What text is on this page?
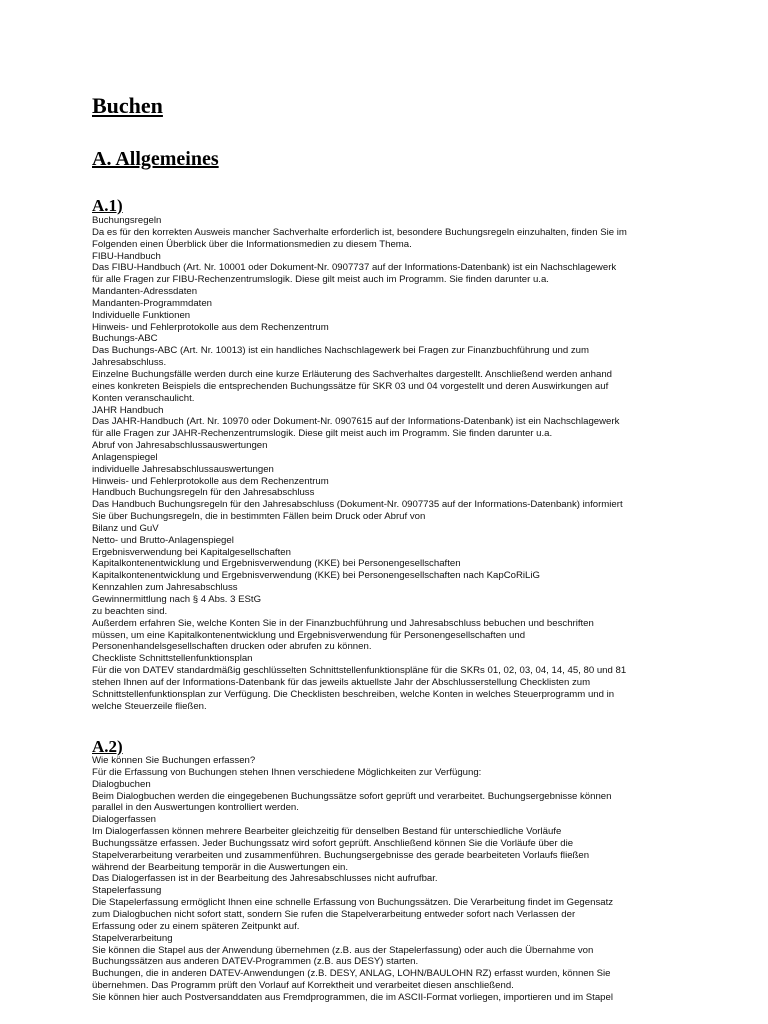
Buchen
A. Allgemeines
A.1)
Buchungsregeln
Da es für den korrekten Ausweis mancher Sachverhalte erforderlich ist, besondere Buchungsregeln einzuhalten, finden Sie im
Folgenden einen Überblick über die Informationsmedien zu diesem Thema.
FIBU-Handbuch
Das FIBU-Handbuch (Art. Nr. 10001 oder Dokument-Nr. 0907737 auf der Informations-Datenbank) ist ein Nachschlagewerk
für alle Fragen zur FIBU-Rechenzentrumslogik. Diese gilt meist auch im Programm. Sie finden darunter u.a.
Mandanten-Adressdaten
Mandanten-Programmdaten
Individuelle Funktionen
Hinweis- und Fehlerprotokolle aus dem Rechenzentrum
Buchungs-ABC
Das Buchungs-ABC (Art. Nr. 10013) ist ein handliches Nachschlagewerk bei Fragen zur Finanzbuchführung und zum
Jahresabschluss.
Einzelne Buchungsfälle werden durch eine kurze Erläuterung des Sachverhaltes dargestellt. Anschließend werden anhand
eines konkreten Beispiels die entsprechenden Buchungssätze für SKR 03 und 04 vorgestellt und deren Auswirkungen auf
Konten veranschaulicht.
JAHR Handbuch
Das JAHR-Handbuch (Art. Nr. 10970 oder Dokument-Nr. 0907615 auf der Informations-Datenbank) ist ein Nachschlagewerk
für alle Fragen zur JAHR-Rechenzentrumslogik. Diese gilt meist auch im Programm. Sie finden darunter u.a.
Abruf von Jahresabschlussauswertungen
Anlagenspiegel
individuelle Jahresabschlussauswertungen
Hinweis- und Fehlerprotokolle aus dem Rechenzentrum
Handbuch Buchungsregeln für den Jahresabschluss
Das Handbuch Buchungsregeln für den Jahresabschluss (Dokument-Nr. 0907735 auf der Informations-Datenbank) informiert
Sie über Buchungsregeln, die in bestimmten Fällen beim Druck oder Abruf von
Bilanz und GuV
Netto- und Brutto-Anlagenspiegel
Ergebnisverwendung bei Kapitalgesellschaften
Kapitalkontenentwicklung und Ergebnisverwendung (KKE) bei Personengesellschaften
Kapitalkontenentwicklung und Ergebnisverwendung (KKE) bei Personengesellschaften nach KapCoRiLiG
Kennzahlen zum Jahresabschluss
Gewinnermittlung nach § 4 Abs. 3 EStG
zu beachten sind.
Außerdem erfahren Sie, welche Konten Sie in der Finanzbuchführung und Jahresabschluss bebuchen und beschriften
müssen, um eine Kapitalkontenentwicklung und Ergebnisverwendung für Personengesellschaften und
Personenhandelsgesellschaften drucken oder abrufen zu können.
Checkliste Schnittstellenfunktionsplan
Für die von DATEV standardmäßig geschlüsselten Schnittstellenfunktionspläne für die SKRs 01, 02, 03, 04, 14, 45, 80 und 81
stehen Ihnen auf der Informations-Datenbank für das jeweils aktuellste Jahr der Abschlusserstellung Checklisten zum
Schnittstellenfunktionsplan zur Verfügung. Die Checklisten beschreiben, welche Konten in welches Steuerprogramm und in
welche Steuerzeile fließen.
A.2)
Wie können Sie Buchungen erfassen?
Für die Erfassung von Buchungen stehen Ihnen verschiedene Möglichkeiten zur Verfügung:
Dialogbuchen
Beim Dialogbuchen werden die eingegebenen Buchungssätze sofort geprüft und verarbeitet. Buchungsergebnisse können
parallel in den Auswertungen kontrolliert werden.
Dialogerfassen
Im Dialogerfassen können mehrere Bearbeiter gleichzeitig für denselben Bestand für unterschiedliche Vorläufe
Buchungssätze erfassen. Jeder Buchungssatz wird sofort geprüft. Anschließend können Sie die Vorläufe über die
Stapelverarbeitung verarbeiten und zusammenführen. Buchungsergebnisse des gerade bearbeiteten Vorlaufs fließen
während der Bearbeitung temporär in die Auswertungen ein.
Das Dialogerfassen ist in der Bearbeitung des Jahresabschlusses nicht aufrufbar.
Stapelerfassung
Die Stapelerfassung ermöglicht Ihnen eine schnelle Erfassung von Buchungssätzen. Die Verarbeitung findet im Gegensatz
zum Dialogbuchen nicht sofort statt, sondern Sie rufen die Stapelverarbeitung entweder sofort nach Verlassen der
Erfassung oder zu einem späteren Zeitpunkt auf.
Stapelverarbeitung
Sie können die Stapel aus der Anwendung übernehmen (z.B. aus der Stapelerfassung) oder auch die Übernahme von
Buchungssätzen aus anderen DATEV-Programmen (z.B. aus DESY) starten.
Buchungen, die in anderen DATEV-Anwendungen (z.B. DESY, ANLAG, LOHN/BAULOHN RZ) erfasst wurden, können Sie
übernehmen. Das Programm prüft den Vorlauf auf Korrektheit und verarbeitet diesen anschließend.
Sie können hier auch Postversanddaten aus Fremdprogrammen, die im ASCII-Format vorliegen, importieren und im Stapel
